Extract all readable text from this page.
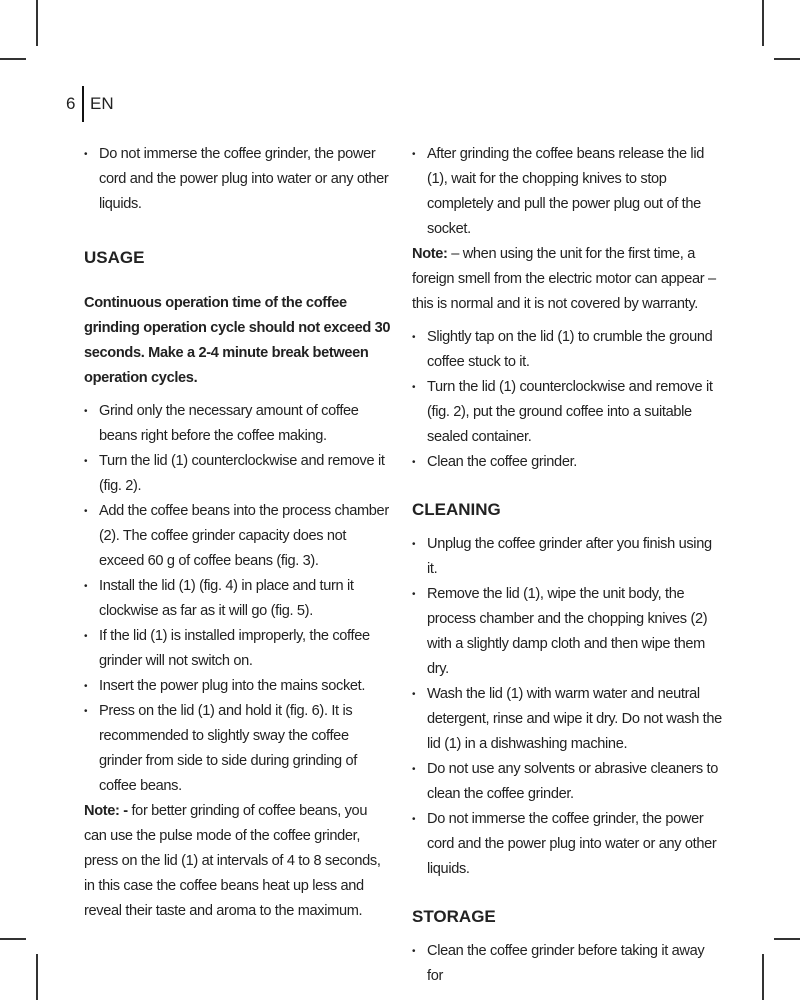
6 EN
• Do not immerse the coffee grinder, the power cord and the power plug into water or any other liquids.
USAGE

Continuous operation time of the coffee grinding operation cycle should not exceed 30 seconds. Make a 2-4 minute break between operation cycles.

• Grind only the necessary amount of coffee beans right before the coffee making.
• Turn the lid (1) counterclockwise and remove it (fig. 2).
• Add the coffee beans into the process chamber (2). The coffee grinder capacity does not exceed 60 g of coffee beans (fig. 3).
• Install the lid (1) (fig. 4) in place and turn it clockwise as far as it will go (fig. 5).
• If the lid (1) is installed improperly, the coffee grinder will not switch on.
• Insert the power plug into the mains socket.
• Press on the lid (1) and hold it (fig. 6). It is recommended to slightly sway the coffee grinder from side to side during grinding of coffee beans.

Note: - for better grinding of coffee beans, you can use the pulse mode of the coffee grinder, press on the lid (1) at intervals of 4 to 8 seconds, in this case the coffee beans heat up less and reveal their taste and aroma to the maximum.

• After grinding the coffee beans release the lid (1), wait for the chopping knives to stop completely and pull the power plug out of the socket.

Note: – when using the unit for the first time, a foreign smell from the electric motor can appear – this is normal and it is not covered by warranty.

• Slightly tap on the lid (1) to crumble the ground coffee stuck to it.
• Turn the lid (1) counterclockwise and remove it (fig. 2), put the ground coffee into a suitable sealed container.
• Clean the coffee grinder.
CLEANING
• Unplug the coffee grinder after you finish using it.
• Remove the lid (1), wipe the unit body, the process chamber and the chopping knives (2) with a slightly damp cloth and then wipe them dry.
• Wash the lid (1) with warm water and neutral detergent, rinse and wipe it dry. Do not wash the lid (1) in a dishwashing machine.
• Do not use any solvents or abrasive cleaners to clean the coffee grinder.
• Do not immerse the coffee grinder, the power cord and the power plug into water or any other liquids.
STORAGE
• Clean the coffee grinder before taking it away for
